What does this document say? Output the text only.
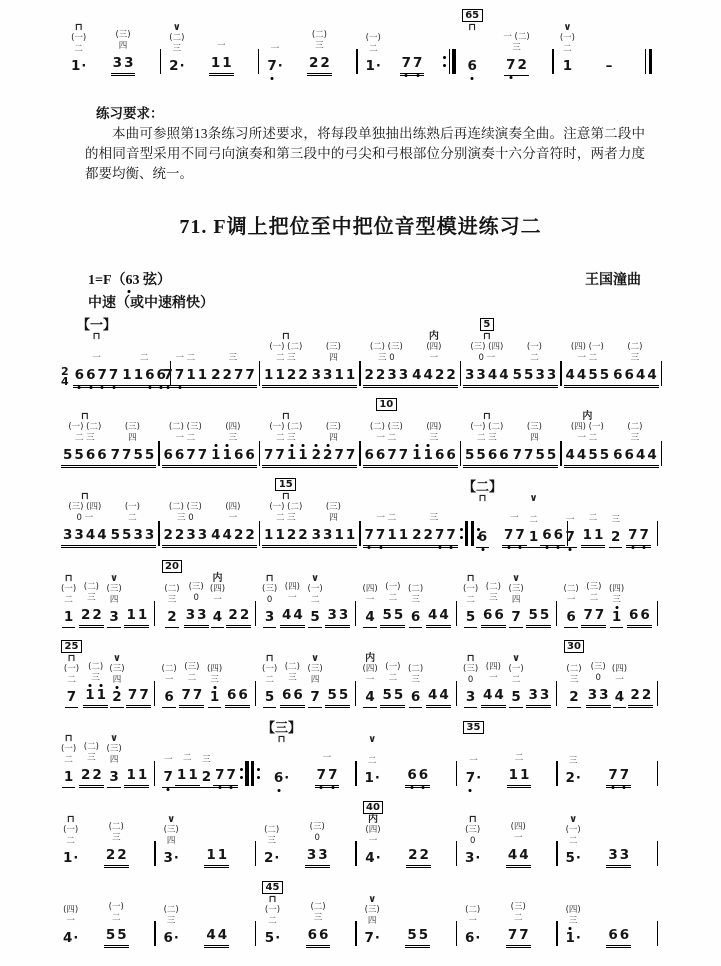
⊓
(一)
二
1·

(三)
四
3 3
∨
(二)
三
2·

一
1 1

一
7
·

(二)
三
2 2

(一)
二
1· 7 7
65
⊓

6

一 (二)
三
7 2
∨
(一)
二
1 –
练习要求：
本曲可参照第13条练习所述要求，将每段单独抽出练熟后再连续演奏全曲。注意第二段中的相同音型采用不同弓向演奏和第三段中的弓尖和弓根部位分别演奏十六分音符时，两者力度都要均衡、统一。
71. F调上把位至中把位音型模进练习二
1=F（6
3 弦）	王国潼曲
中速（或中速稍快）
2
4
【一】
⊓

一
6 6 7 7

二
1 1 6 6

一 二
7 7 1 1

三
2 2 7 7
⊓
(一) (二)
二 三
1 1 2 2

(三)
四
3 3 1 1

(二) (三)
三 0
2 2 3 3
内
(四)
一
4 4 2 2
5
⊓
(三) (四)
0 一
3 3 4 4

(一)
二
5 5 3 3

(四) (一)
一 二
4 4 5 5

(二)
三
6 6 4 4
⊓
(一) (二)
二 三
5 5 6 6

(三)
四
7 7 5 5

(二) (三)
一 二
6 6 7 7

(四)
三
1 1 6 6
⊓
(一) (二)
二 三
7 7 1 1

(三)
四
2 2 7 7
10

(二) (三)
一 二
6 6 7 7

(四)
三
1 1 6 6
⊓
(一) (二)
二 三
5 5 6 6

(三)
四
7 7 5 5
内
(四) (一)
一 二
4 4 5 5

(二)
三
6 6 4 4
⊓
(三) (四)
0 一
3 3 4 4

(一)
二
5 5 3 3

(二) (三)
三 0
2 2 3 3

(四)
一
4 4 2 2
15
⊓
(一) (二)
二 三
1 1 2 2

(三)
四
3 3 1 1

一 二
7 7 1 1

三
2 2 7 7
【二】
⊓

6

一
7 7
∨

二
1 6 6

一
7

二
1 1

三
2 7 7
⊓
(一)
二
1

(二)
三
2 2
∨
(三)
四
3 1 1
20

(二)
三
2

(三)
0
3 3
内
(四)
一
4 2 2
⊓
(三)
0
3

(四)
一
4 4
∨
(一)
二
5 3 3

(四)
一
4

(一)
二
5 5

(二)
三
6 4 4
⊓
(一)
二
5

(二)
三
6 6
∨
(三)
四
7 5 5

(二)
一
6

(三)
二
7 7

(四)
三
1 6 6
25
⊓
(一)
二
7

(二)
三
1 1
∨
(三)
四
2 7 7

(二)
一
6

(三)
二
7 7

(四)
三
1 6 6
⊓
(一)
二
5

(二)
三
6 6
∨
(三)
四
7 5 5
内
(四)
一
4

(一)
二
5 5

(二)
三
6 4 4
⊓
(三)
0
3

(四)
一
4 4
∨
(一)
二
5 3 3
30

(二)
三
2

(三)
0
3 3

(四)
一
4 2 2
⊓
(一)
二
1

(二)
三
2 2
∨
(三)
四
3 1 1

一
7

二
1 1

三
2 7 7
【三】
⊓

6
·

一
7 7
∨

二
1· 6 6
35

一
7
·

二
1 1

三
2· 7 7
⊓
(一)
二
1·

(二)
三
2 2
∨
(三)
四
3· 1 1

(二)
三
2·

(三)
0
3 3
40
内
(四)
一
4· 2 2
⊓
(三)
0
3·

(四)
一
4 4
∨
(一)
二
5· 3 3

(四)
一
4·

(一)
二
5 5

(二)
三
6· 4 4
45
⊓
(一)
二
5·

(二)
三
6 6
∨
(三)
四
7· 5 5

(二)
一
6·

(三)
二
7 7

(四)
三
1
· 6 6
